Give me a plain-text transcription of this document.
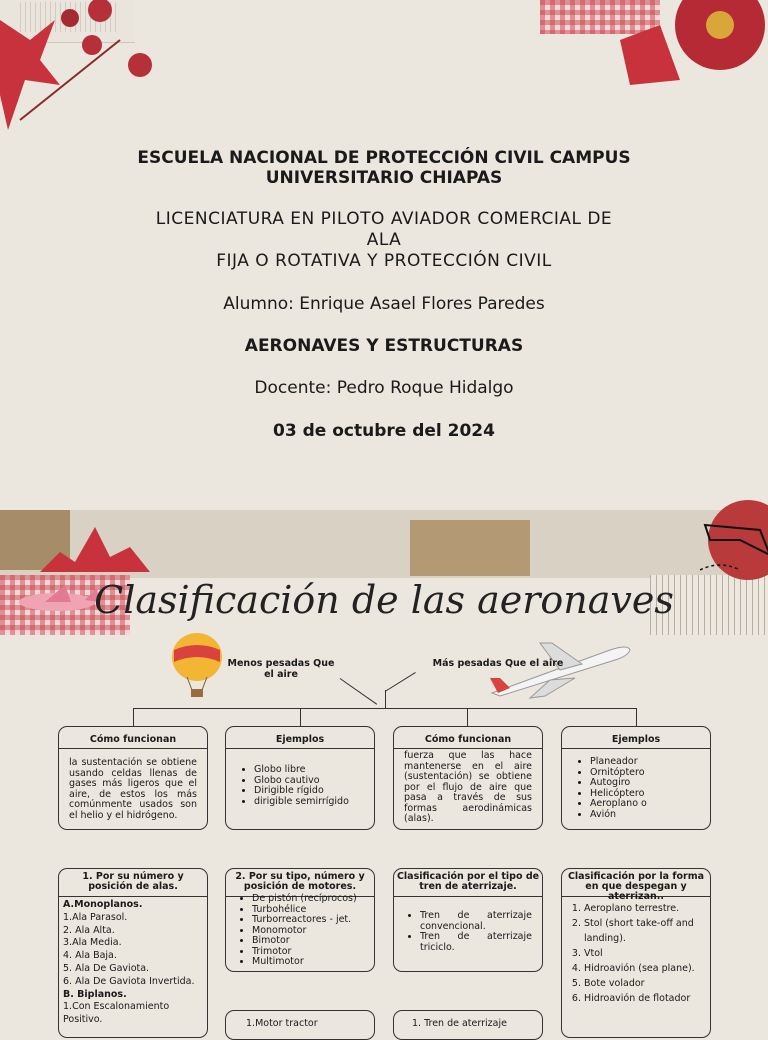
ESCUELA NACIONAL DE PROTECCIÓN CIVIL CAMPUS
UNIVERSITARIO CHIAPAS
LICENCIATURA EN PILOTO AVIADOR COMERCIAL DE
ALA
FIJA O ROTATIVA Y PROTECCIÓN CIVIL
Alumno: Enrique Asael Flores Paredes
AERONAVES Y ESTRUCTURAS
Docente: Pedro Roque Hidalgo
03 de octubre del 2024
Clasificación de las aeronaves
Menos pesadas Que el aire
Más pesadas Que el aire
Cómo funcionan
la sustentación se obtiene usando celdas llenas de gases más ligeros que el aire, de estos los más comúnmente usados son el helio y el hidrógeno.
Ejemplos
• Globo libre
• Globo cautivo
• Dirigible rígido
• dirigible semirrígido
Cómo funcionan
fuerza que las hace mantenerse en el aire (sustentación) se obtiene por el flujo de aire que pasa a través de sus formas aerodinámicas (alas).
Ejemplos
• Planeador
• Ornitóptero
• Autogiro
• Helicóptero
• Aeroplano o
• Avión
1. Por su número y posición de alas.
A.Monoplanos.
1.Ala Parasol.
2. Ala Alta.
3.Ala Media.
4. Ala Baja.
5. Ala De Gaviota.
6. Ala De Gaviota Invertida.
B. Biplanos.
1.Con Escalonamiento Positivo.
2. Por su tipo, número y posición de motores.
• De pistón (recíprocos)
• Turbohélice
• Turborreactores - jet.
• Monomotor
• Bimotor
• Trimotor
• Multimotor
Clasificación por el tipo de tren de aterrizaje.
• Tren de aterrizaje convencional.
• Tren de aterrizaje triciclo.
Clasificación por la forma en que despegan y aterrizan..
1. Aeroplano terrestre.
2. Stol (short take-off and landing).
3. Vtol
4. Hidroavión (sea plane).
5. Bote volador
6. Hidroavión de flotador
1.Motor tractor	1. Tren de aterrizaje
